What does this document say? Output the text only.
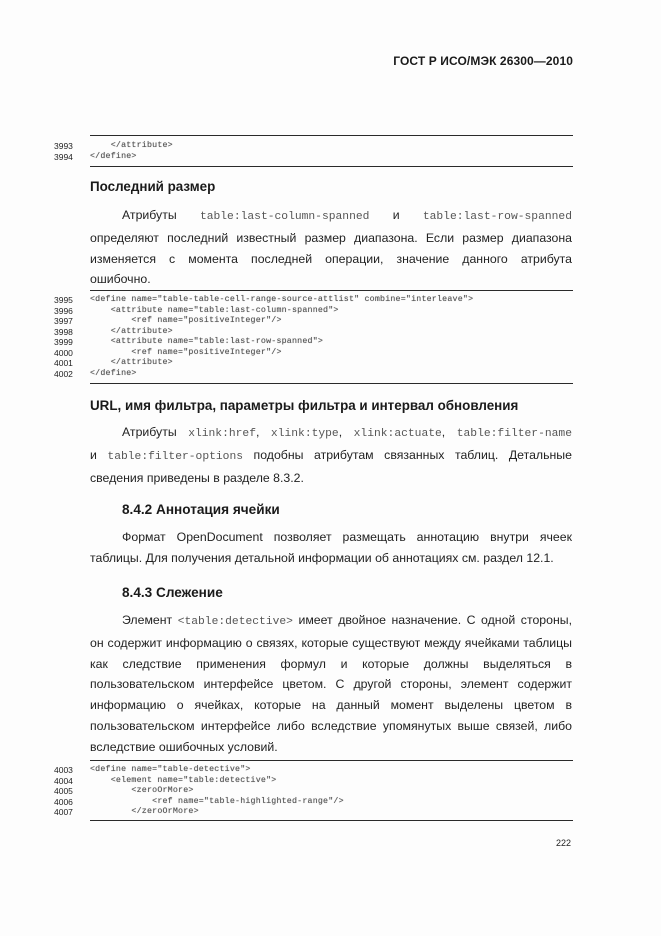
ГОСТ Р ИСО/МЭК 26300—2010
3993	</attribute>
3994	</define>
Последний размер
Атрибуты table:last-column-spanned и table:last-row-spanned
определяют последний известный размер диапазона. Если размер диапазона
изменяется с момента последней операции, значение данного атрибута
ошибочно.
3995	<define name="table-table-cell-range-source-attlist" combine="interleave">
3996	<attribute name="table:last-column-spanned">
3997	<ref name="positiveInteger"/>
3998	</attribute>
3999	<attribute name="table:last-row-spanned">
4000	<ref name="positiveInteger"/>
4001	</attribute>
4002	</define>
URL, имя фильтра, параметры фильтра и интервал обновления
Атрибуты xlink:href, xlink:type, xlink:actuate, table:filter-name
и table:filter-options подобны атрибутам связанных таблиц. Детальные
сведения приведены в разделе 8.3.2.
8.4.2 Аннотация ячейки
Формат OpenDocument позволяет размещать аннотацию внутри ячеек
таблицы. Для получения детальной информации об аннотациях см. раздел 12.1.
8.4.3 Слежение
Элемент <table:detective> имеет двойное назначение. С одной стороны,
он содержит информацию о связях, которые существуют между ячейками таблицы
как следствие применения формул и которые должны выделяться в
пользовательском интерфейсе цветом. С другой стороны, элемент содержит
информацию о ячейках, которые на данный момент выделены цветом в
пользовательском интерфейсе либо вследствие упомянутых выше связей, либо
вследствие ошибочных условий.
4003	<define name="table-detective">
4004	<element name="table:detective">
4005	<zeroOrMore>
4006	<ref name="table-highlighted-range"/>
4007	</zeroOrMore>
222
